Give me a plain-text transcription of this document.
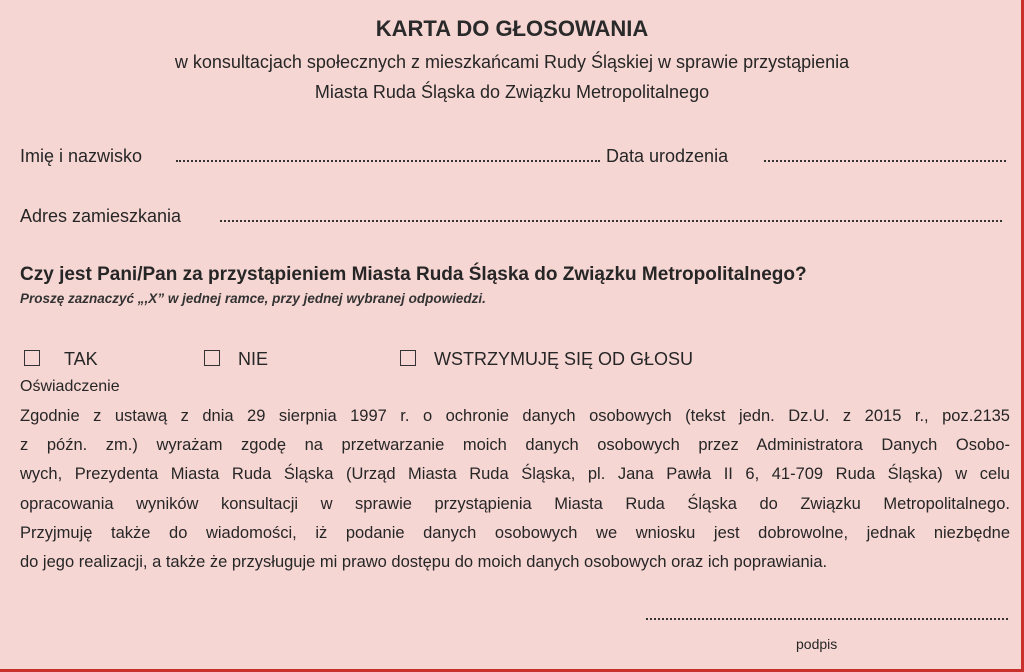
KARTA DO GŁOSOWANIA
w konsultacjach społecznych z mieszkańcami Rudy Śląskiej w sprawie przystąpienia
Miasta Ruda Śląska do Związku Metropolitalnego
Imię i nazwisko	Data urodzenia
Adres zamieszkania
Czy jest Pani/Pan za przystąpieniem Miasta Ruda Śląska do Związku Metropolitalnego?
Proszę zaznaczyć „,X” w jednej ramce, przy jednej wybranej odpowiedzi.
TAK	NIE	WSTRZYMUJĘ SIĘ OD GŁOSU
Oświadczenie
Zgodnie z ustawą z dnia 29 sierpnia 1997 r. o ochronie danych osobowych (tekst jedn. Dz.U. z 2015 r., poz.2135
z późn. zm.) wyrażam zgodę na przetwarzanie moich danych osobowych przez Administratora Danych Osobo-
wych, Prezydenta Miasta Ruda Śląska (Urząd Miasta Ruda Śląska, pl. Jana Pawła II 6, 41-709 Ruda Śląska) w celu
opracowania wyników konsultacji w sprawie przystąpienia Miasta Ruda Śląska do Związku Metropolitalnego.
Przyjmuję także do wiadomości, iż podanie danych osobowych we wniosku jest dobrowolne, jednak niezbędne
do jego realizacji, a także że przysługuje mi prawo dostępu do moich danych osobowych oraz ich poprawiania.
podpis
